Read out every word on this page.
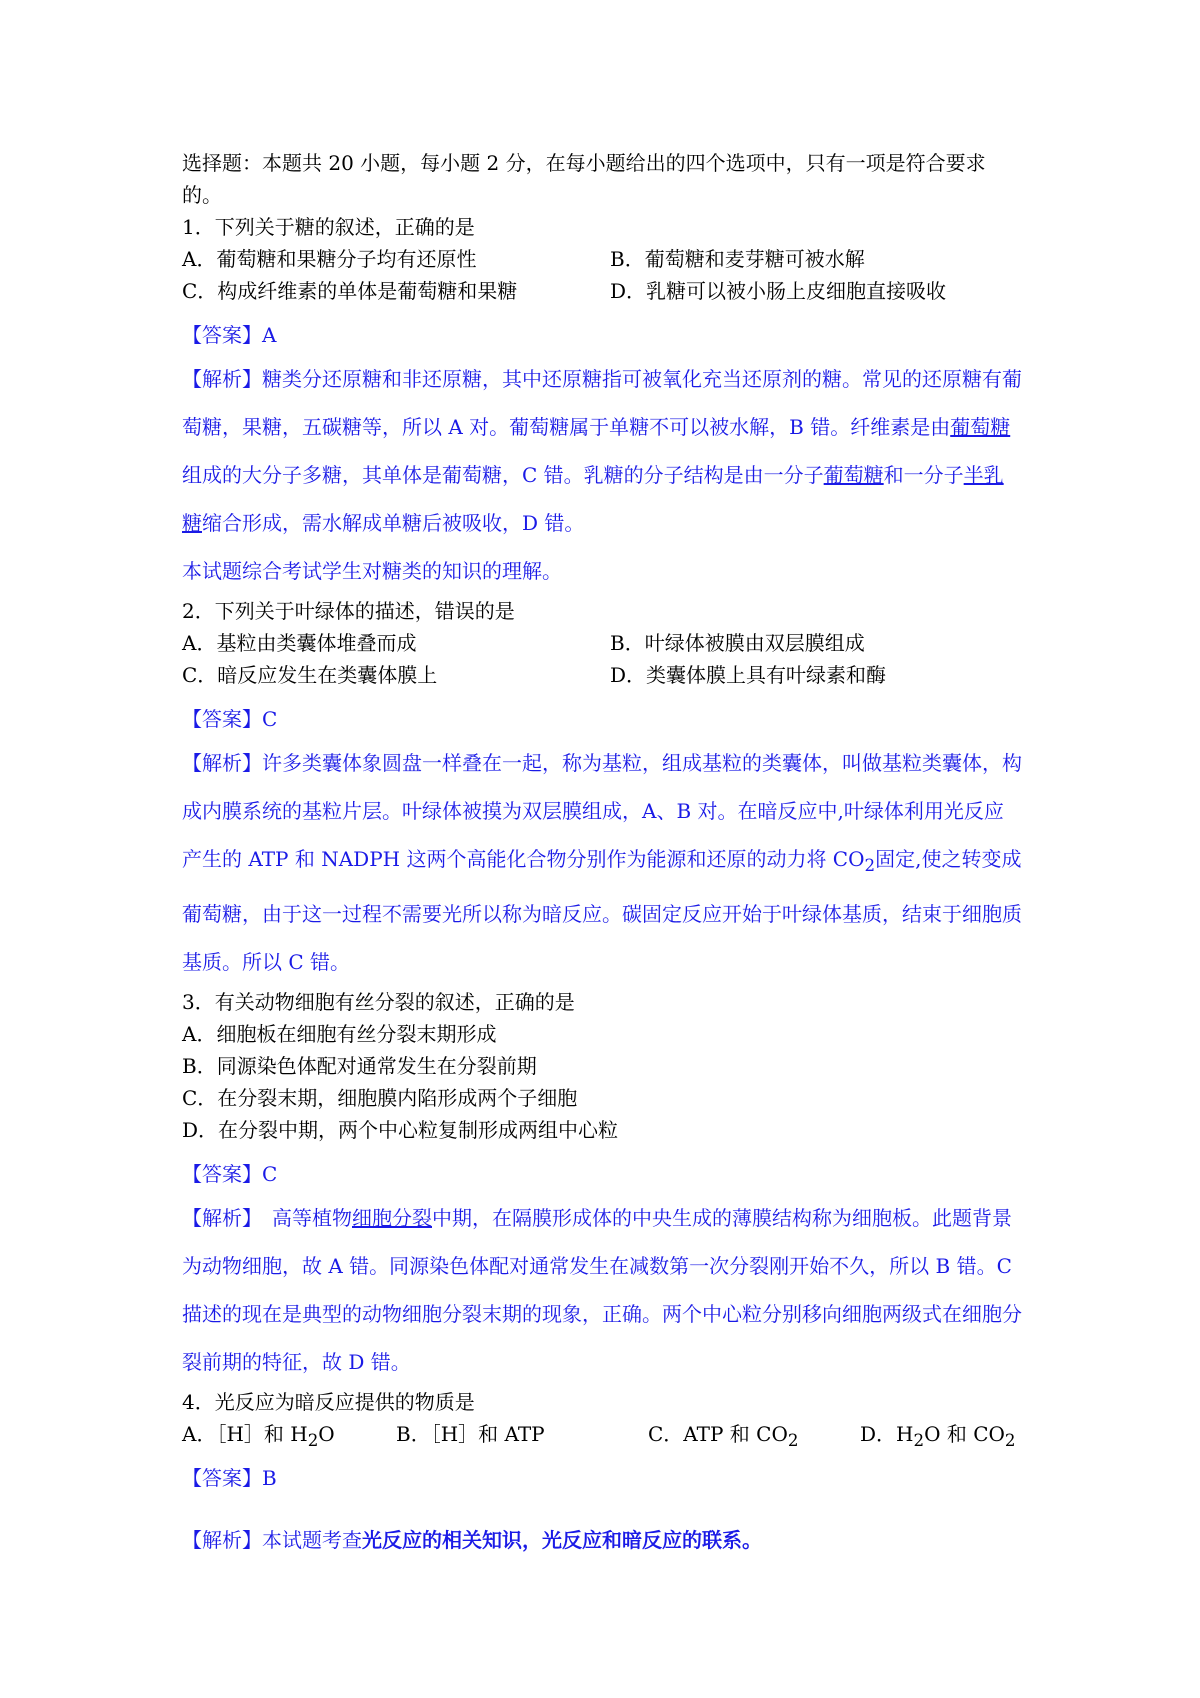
选择题：本题共 20 小题，每小题 2 分，在每小题给出的四个选项中，只有一项是符合要求的。
1．下列关于糖的叙述，正确的是
A．葡萄糖和果糖分子均有还原性	B．葡萄糖和麦芽糖可被水解
C．构成纤维素的单体是葡萄糖和果糖	D．乳糖可以被小肠上皮细胞直接吸收
【答案】A
【解析】糖类分还原糖和非还原糖，其中还原糖指可被氧化充当还原剂的糖。常见的还原糖有葡萄糖，果糖，五碳糖等，所以 A 对。葡萄糖属于单糖不可以被水解，B 错。纤维素是由葡萄糖组成的大分子多糖，其单体是葡萄糖，C 错。乳糖的分子结构是由一分子葡萄糖和一分子半乳糖缩合形成，需水解成单糖后被吸收，D 错。
本试题综合考试学生对糖类的知识的理解。
2．下列关于叶绿体的描述，错误的是
A．基粒由类囊体堆叠而成	B．叶绿体被膜由双层膜组成
C．暗反应发生在类囊体膜上	D．类囊体膜上具有叶绿素和酶
【答案】C
【解析】许多类囊体象圆盘一样叠在一起，称为基粒，组成基粒的类囊体，叫做基粒类囊体，构成内膜系统的基粒片层。叶绿体被摸为双层膜组成，A、B 对。在暗反应中,叶绿体利用光反应产生的 ATP 和 NADPH 这两个高能化合物分别作为能源和还原的动力将 $CO_2$固定,使之转变成葡萄糖，由于这一过程不需要光所以称为暗反应。碳固定反应开始于叶绿体基质，结束于细胞质基质。所以 C 错。
3．有关动物细胞有丝分裂的叙述，正确的是
A．细胞板在细胞有丝分裂末期形成
B．同源染色体配对通常发生在分裂前期
C．在分裂末期，细胞膜内陷形成两个子细胞
D．在分裂中期，两个中心粒复制形成两组中心粒
【答案】C
【解析】　高等植物细胞分裂中期，在隔膜形成体的中央生成的薄膜结构称为细胞板。此题背景为动物细胞，故 A 错。同源染色体配对通常发生在减数第一次分裂刚开始不久，所以 B 错。C 描述的现在是典型的动物细胞分裂末期的现象，正确。两个中心粒分别移向细胞两级式在细胞分裂前期的特征，故 D 错。
4．光反应为暗反应提供的物质是
A．［H］和 $H_2O$	B．［H］和 ATP	C．ATP 和 $CO_2$	D．$H_2O$ 和 $CO_2$
【答案】B
【解析】本试题考查光反应的相关知识，光反应和暗反应的联系。
